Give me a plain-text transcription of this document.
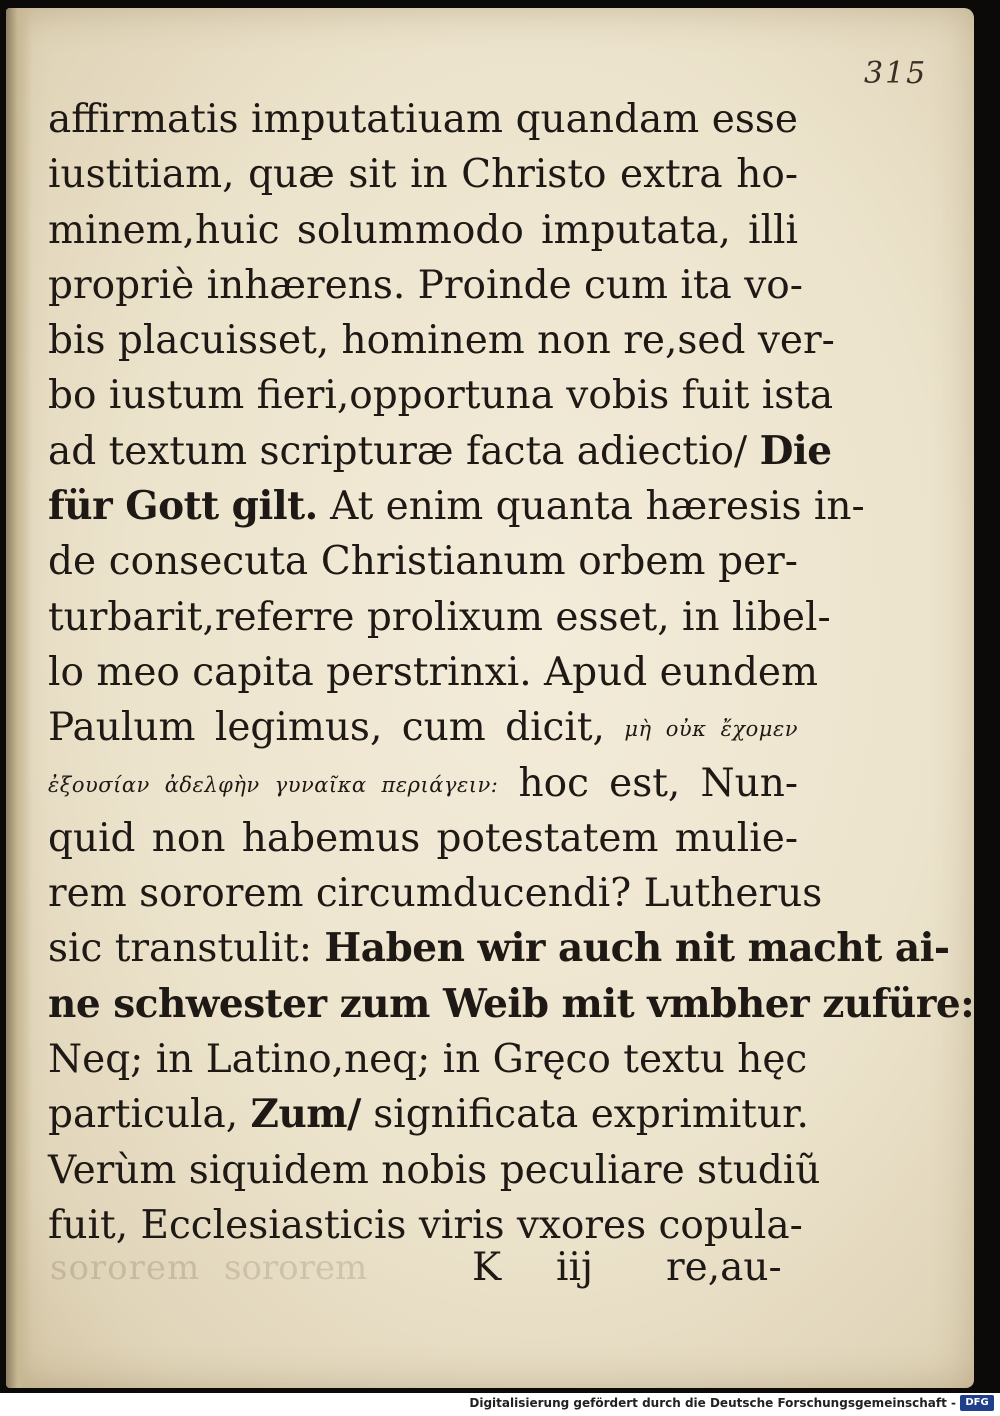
315
affirmatis imputatiuam quandam esse
iustitiam, quæ sit in Christo extra ho-
minem,huic solummodo imputata, illi
propriè inhærens. Proinde cum ita vo-
bis placuisset, hominem non re,sed ver-
bo iustum fieri,opportuna vobis fuit ista
ad textum scripturæ facta adiectio/ Die
für Gott gilt. At enim quanta hæresis in-
de consecuta Christianum orbem per-
turbarit,referre prolixum esset, in libel-
lo meo capita perstrinxi. Apud eundem
Paulum legimus, cum dicit, μὴ οὐκ ἔχομεν
ἐξουσίαν ἀδελφὴν γυναῖκα περιάγειν: hoc est, Nun-
quid non habemus potestatem mulie-
rem sororem circumducendi? Lutherus
sic transtulit: Haben wir auch nit macht ai-
ne schwester zum Weib mit vmbher zufüre:
Neq; in Latino,neq; in Gręco textu hęc
particula, Zum/ significata exprimitur.
Verùm siquidem nobis peculiare studiũ
fuit, Ecclesiasticis viris vxores copula-
sororem sororem	K iij re,au-
Digitalisierung gefördert durch die Deutsche Forschungsgemeinschaft - DFG
